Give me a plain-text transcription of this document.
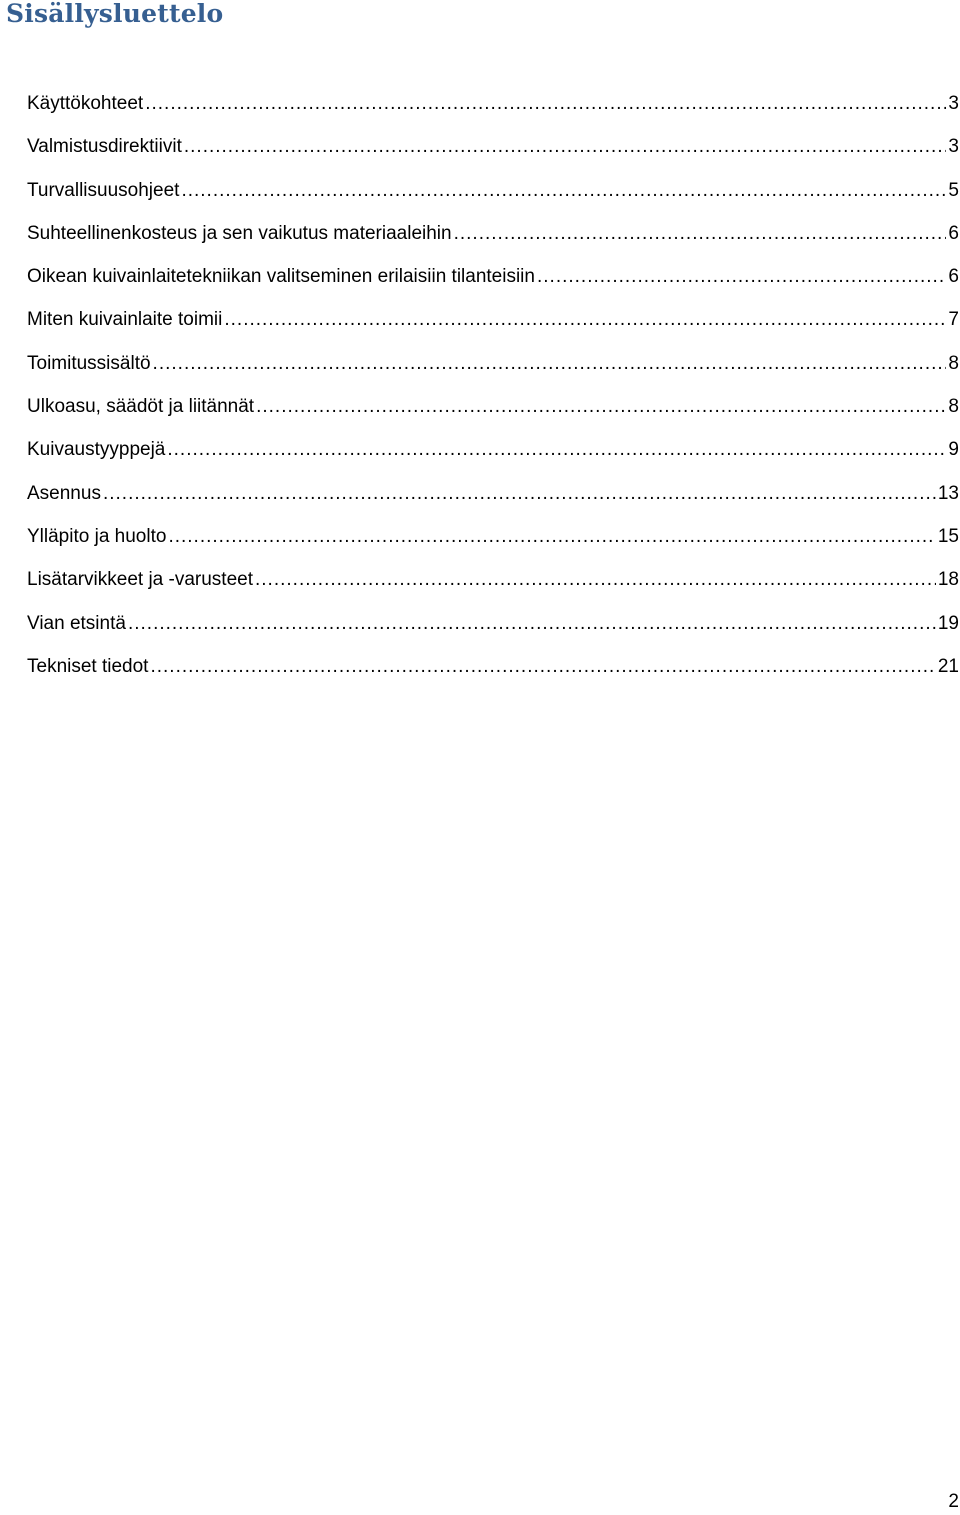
Sisällysluettelo
Käyttökohteet .....	3
Valmistusdirektiivit .....	3
Turvallisuusohjeet .....	5
Suhteellinenkosteus ja sen vaikutus materiaaleihin .....	6
Oikean kuivainlaitetekniikan valitseminen erilaisiin tilanteisiin .....	6
Miten kuivainlaite toimii .....	7
Toimitussisältö .....	8
Ulkoasu, säädöt ja liitännät .....	8
Kuivaustyyppejä .....	9
Asennus .....	13
Ylläpito ja huolto .....	15
Lisätarvikkeet ja -varusteet .....	18
Vian etsintä .....	19
Tekniset tiedot .....	21
2
